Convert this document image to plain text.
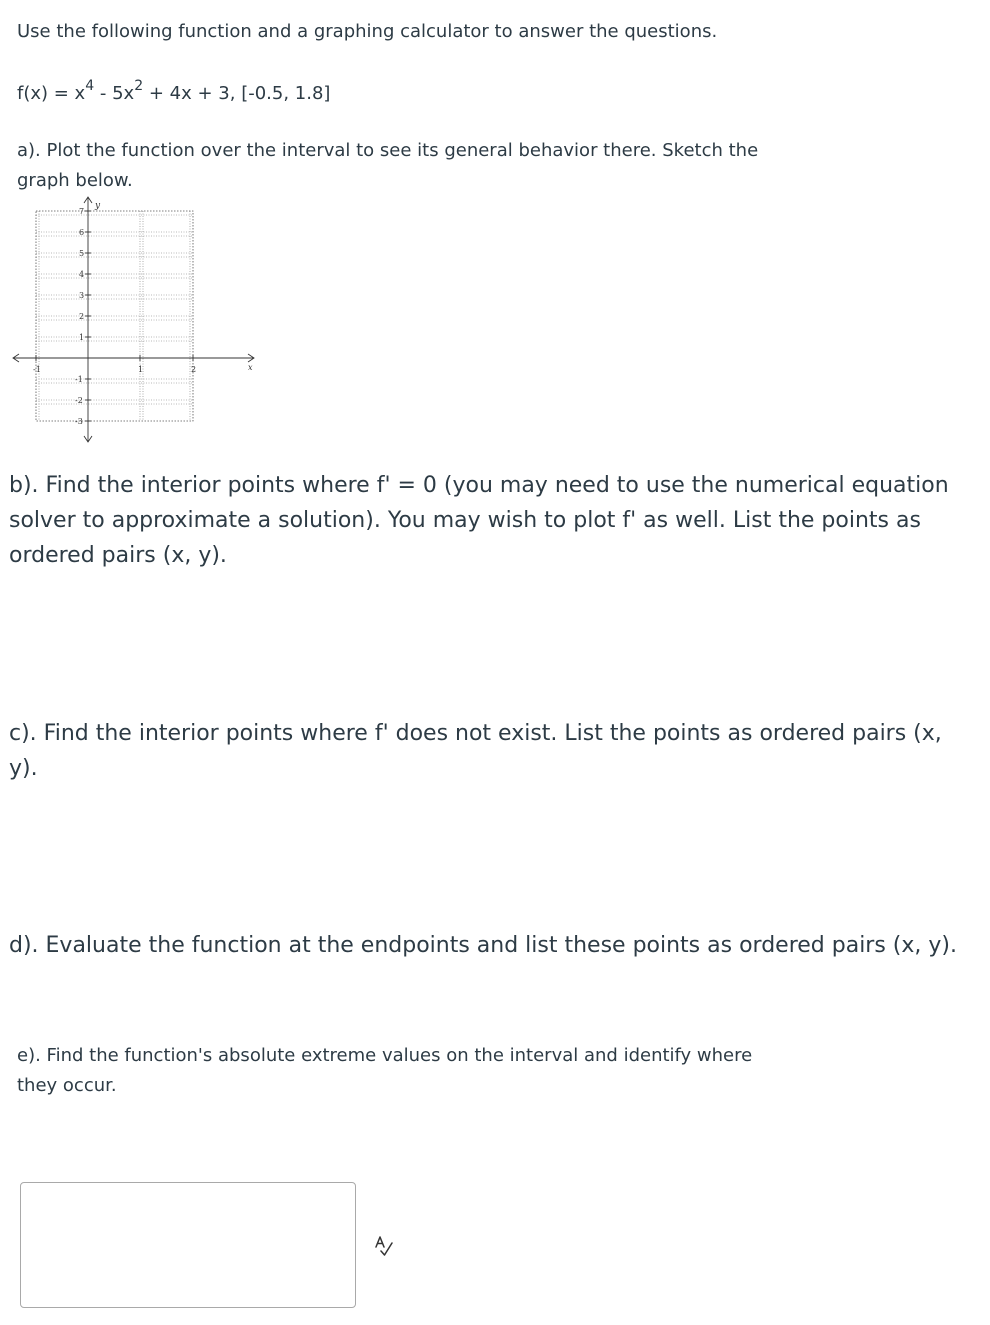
Use the following function and a graphing calculator to answer the questions.

$f(x) = x^4 - 5x^2 + 4x + 3$, [-0.5, 1.8]

a). Plot the function over the interval to see its general behavior there. Sketch the

graph below.

y
x
7
6
5
4
3
2
1
-1
-2
-3
-1	1	2

b). Find the interior points where f' = 0 (you may need to use the numerical equation

solver to approximate a solution). You may wish to plot f' as well. List the points as

ordered pairs (x, y).

c). Find the interior points where f' does not exist. List the points as ordered pairs (x,

y).

d). Evaluate the function at the endpoints and list these points as ordered pairs (x, y).

e). Find the function's absolute extreme values on the interval and identify where

they occur.
